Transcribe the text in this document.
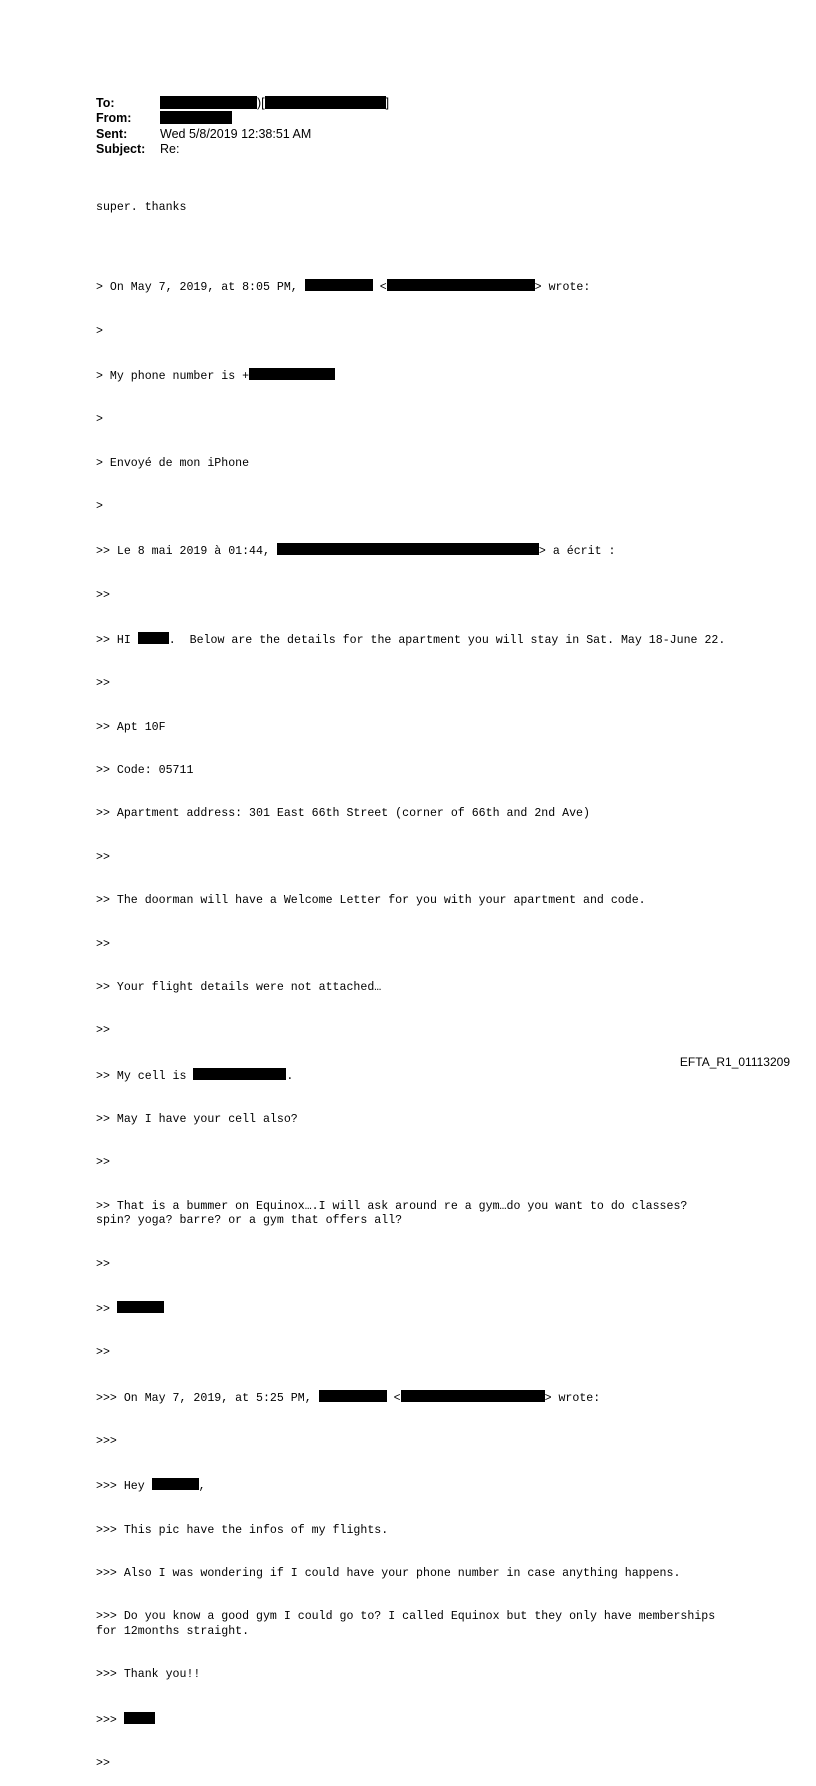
To:	)[	]
From:
Sent:	Wed 5/8/2019 12:38:51 AM
Subject: Re:

super. thanks

> On May 7, 2019, at 8:05 PM,	<	> wrote:

>

> My phone number is +

>

> Envoyé de mon iPhone

>

>> Le 8 mai 2019 à 01:44,	> a écrit :

>>

>> HI	.  Below are the details for the apartment you will stay in Sat. May 18-June 22.

>>

>> Apt 10F

>> Code: 05711

>> Apartment address: 301 East 66th Street (corner of 66th and 2nd Ave)

>>

>> The doorman will have a Welcome Letter for you with your apartment and code.

>>

>> Your flight details were not attached…

>>

>> My cell is	.

>> May I have your cell also?

>>

>> That is a bummer on Equinox….I will ask around re a gym…do you want to do classes?  spin? yoga? barre? or a gym that offers all?

>>

>>

>>

>>> On May 7, 2019, at 5:25 PM,	<	> wrote:

>>>

>>> Hey	,

>>> This pic have the infos of my flights.

>>> Also I was wondering if I could have your phone number in case anything happens.

>>> Do you know a good gym I could go to? I called Equinox but they only have memberships for 12months straight.

>>> Thank you!!

>>>

>>

EFTA_R1_01113209
